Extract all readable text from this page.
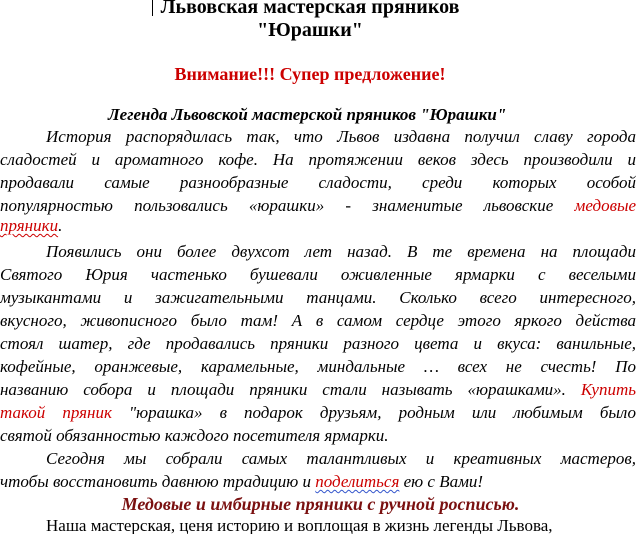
Львовская мастерская пряников
"Юрашки"
Внимание!!! Супер предложение!
Легенда Львовской мастерской пряников "Юрашки"
История распорядилась так, что Львов издавна получил славу города
сладостей и ароматного кофе. На протяжении веков здесь производили и
продавали самые разнообразные сладости, среди которых особой
популярностью пользовались «юрашки» - знаменитые львовские медовые
пряники.
Появились они более двухсот лет назад. В те времена на площади
Святого Юрия частенько бушевали оживленные ярмарки с веселыми
музыкантами и зажигательными танцами. Сколько всего интересного,
вкусного, живописного было там! А в самом сердце этого яркого действа
стоял шатер, где продавались пряники разного цвета и вкуса: ванильные,
кофейные, оранжевые, карамельные, миндальные … всех не счесть! По
названию собора и площади пряники стали называть «юрашками». Купить
такой пряник "юрашка» в подарок друзьям, родным или любимым было
святой обязанностью каждого посетителя ярмарки.
Сегодня мы собрали самых талантливых и креативных мастеров,
чтобы восстановить давнюю традицию и поделиться ею с Вами!
Медовые и имбирные пряники с ручной росписью.
Наша мастерская, ценя историю и воплощая в жизнь легенды Львова,
